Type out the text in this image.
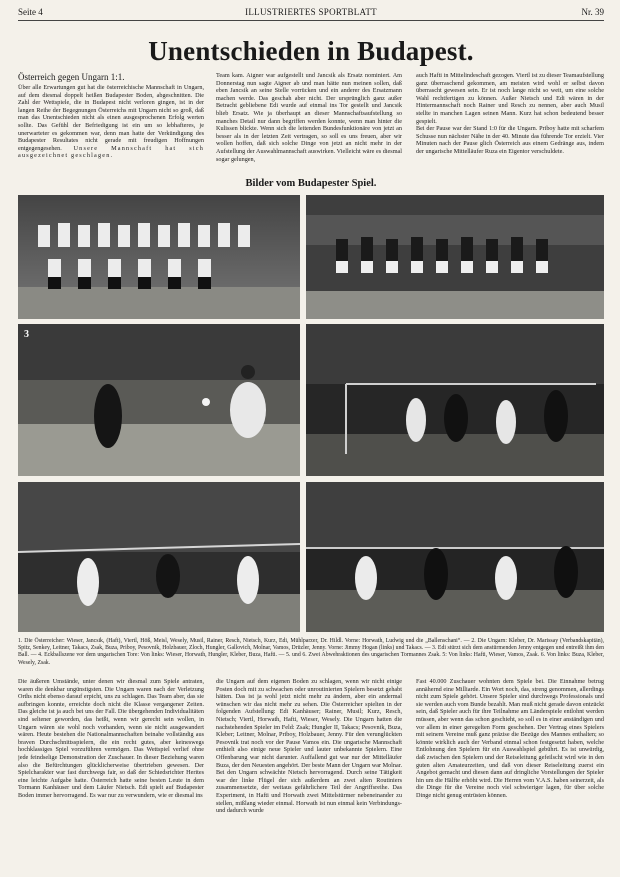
Seite 4	ILLUSTRIERTES SPORTBLATT	Nr. 39
Unentschieden in Budapest.
Österreich gegen Ungarn 1:1.
Über alle Erwartungen gut hat die österreichische Mannschaft in Ungarn, auf dem diesmal doppelt heißen Budapester Boden, abgeschnitten. Die Zahl der Wettspiele, die in Budapest nicht verloren gingen, ist in der langen Reihe der Begegnungen Österreichs mit Ungarn nicht so groß, daß man das Unentschieden nicht als einen ausgesprochenen Erfolg werten sollte. Das Gefühl der Befriedigung ist ein um so lebhafteres, je unerwarteter es gekommen war, denn man hatte der Verkündigung des Budapester Resultates nicht gerade mit freudigen Hoffnungen entgegengesehen. Unsere Mannschaft hat sich ausgezeichnet geschlagen.
Team kam. Aigner war aufgestellt und Jancsik als Ersatz nominiert. Am Donnerstag nun sagte Aigner ab und man hätte nun meinen sollen, daß eben Jancsik an seine Stelle vorrücken und ein anderer des Ersatzmann machen werde. Das geschah aber nicht. Der ursprünglich ganz außer Betracht gebliebene Edi wurde auf einmal ins Tor gestellt und Jancsik blieb Ersatz. Wie ja überhaupt an dieser Mannschaftsaufstellung so manches Detail nur dann begriffen werden konnte, wenn man hinter die Kulissen blickte. Wenn sich die leitenden Bundesfunktionäre von jetzt an besser als in der letzten Zeit vertragen, so soll es uns freuen, aber wir wollen hoffen, daß sich solche Dinge von jetzt an nicht mehr in der Aufstellung der Auswahlmannschaft auswirken. Vielleicht wäre es diesmal sogar gelungen,
auch Hafti in Mittelindeschaft gezogen. Viertl ist zu dieser Teamaufstellung ganz überraschend gekommen, am meisten wird wohl er selbst davon überrascht gewesen sein. Er ist noch lange nicht so weit, um eine solche Wahl rechtfertigen zu können. Außer Nietsch und Edi wären in der Hintermannschaft noch Rainer und Resch zu nennen, aber auch Musil stellte in manchen Lagen seinen Mann. Kurz hat schon bedeutend besser gespielt.
Bei der Pause war der Stand 1:0 für die Ungarn. Priboy hatte mit scharfem Schusse nun nächster Nähe in der 40. Minute das führende Tor erzielt. Vier Minuten nach der Pause glich Österreich aus einem Gedränge aus, indem der ungarische Mittelläufer Ruza ein Eigentor verschuldete.
Bilder vom Budapester Spiel.
3
1. Die Österreicher: Wieser, Jancsik, (Haft), Viertl, Höß, Meisl, Wesely, Musil, Rainer, Resch, Nietsch, Kurz, Edi, Mühlparzer, Dr. Hildl. Vorne: Horwath, Ludwig und die „Ballenschani“. — 2. Die Ungarn: Kleber, Dr. Marissay (Verbandskapitän), Spitz, Senkey, Leitner, Takacs, Zsak, Buza, Priboy, Pesovnik, Holzbauer, Zloch, Hungler, Gallovich, Molnar, Vamos, Drüzler, Jenny. Vorne: Jimmy Hogan (links) und Takacs. — 3. Edi stürzt sich dem anstürmenden Jenny entgegen und entreißt ihm den Ball. — 4. Eckballszene vor dem ungarischen Tore: Von links: Wieser, Horwath, Hungler, Kleber, Buza, Hafti. — 5. und 6. Zwei Abwehraktionen des ungarischen Tormannes Zsak. 5: Von links: Hafti, Wieser, Vamos, Zsak. 6. Von links: Buza, Kleber, Wesely, Zsak.
Die äußeren Umstände, unter denen wir diesmal zum Spiele antraten, waren die denkbar ungünstigsten. Die Ungarn waren nach der Verletzung Orths nicht ebenso darauf erpicht, uns zu schlagen. Das Team aber, das sie aufbringen konnte, erreichte doch nicht die Klasse vergangener Zeiten. Das gleiche ist ja auch bei uns der Fall. Die übergehenden Individualitäten sind seltener geworden, das heißt, wenn wir gerecht sein wollen, in Ungarn wären sie wohl noch vorhanden, wenn sie nicht ausgewandert wären. Heute bestehen die Nationalmannschaften beinahe vollständig aus braven Durchschnittsspielern, die ein recht gutes, aber keineswegs hochklassiges Spiel vorzuführen vermögen. Das Wettspiel verlief ohne jede feindselige Demonstration der Zuschauer. In dieser Beziehung waren also die Befürchtungen glücklicherweise übertrieben gewesen. Der Spielcharakter war fast durchwegs fair, so daß der Schiedsrichter Herites eine leichte Aufgabe hatte. Österreich hatte seine besten Leute in dem Tormann Kanhäuser und dem Läufer Nietsch. Edi spielt auf Budapester Boden immer hervorragend. Es war nur zu verwundern, wie er diesmal ins
die Ungarn auf dem eigenen Boden zu schlagen, wenn wir nicht einige Posten doch mit zu schwachen oder unroutinierten Spielern besetzt gehabt hätten. Das ist ja wohl jetzt nicht mehr zu ändern, aber ein andermal wünschen wir das nicht mehr zu sehen. Die Österreicher spielten in der folgenden Aufstellung: Edi Kanhäuser; Rainer, Musil; Kurz, Resch, Nietsch; Viertl, Horwath, Hafti, Wieser, Wesely. Die Ungarn hatten die nachstehenden Spieler im Feld: Zsak; Hungler II, Takacs; Pesovnik, Buza, Kleber; Leitner, Molnar, Priboy, Holzbauer, Jenny. Für den verunglückten Pesovnik trat noch vor der Pause Vamos ein. Die ungarische Mannschaft enthielt also einige neue Spieler und lauter unbekannte Spielern. Eine Offenbarung war nicht darunter. Auffallend gut war nur der Mittelläufer Buza, der den Neuesten angehört. Der beste Mann der Ungarn war Molnar. Bei den Ungarn schwächte Nietsch hervorragend. Durch seine Tätigkeit war der linke Flügel der sich außerdem an zwei alten Routiniers zusammensetzte, der weitaus gefährlichere Teil der Angriffsreihe. Das Experiment, in Hafti und Horwath zwei Mittelstürmer nebeneinander zu stellen, mißlang wieder einmal. Horwath ist nun einmal kein Verbindungs- und dadurch wurde
Fast 40.000 Zuschauer wohnten dem Spiele bei. Die Einnahme betrug annähernd eine Milliarde. Ein Wort noch, das, streng genommen, allerdings nicht zum Spiele gehört. Unsere Spieler sind durchwegs Professionals und sie werden auch vom Bunde bezahlt. Man muß nicht gerade davon entzückt sein, daß Spieler auch für ihre Teilnahme am Länderspiele entlohnt werden müssen, aber wenn das schon geschieht, so soll es in einer anständigen und vor allem in einer geregelten Form geschehen. Der Vertrag eines Spielers mit seinem Vereine muß ganz präzise die Bezüge des Mannes enthalten; so könnte wirklich auch der Verband einmal schon festgesetzt haben, welche Entlohnung den Spielern für ein Auswahlspiel gebührt. Es ist unwürdig, daß zwischen den Spielern und der Reiseleitung gefeilscht wird wie in den guten alten Amateurzeiten, und daß von dieser Reiseleitung zuerst ein Angebot gemacht und diesen dann auf dringliche Vorstellungen der Spieler hin um die Hälfte erhöht wird. Die Herren vom V.A.S. haben seinerzeit, als die Dinge für die Vereine noch viel schwieriger lagen, für über solche Dinge nicht genug entrüsten können.
